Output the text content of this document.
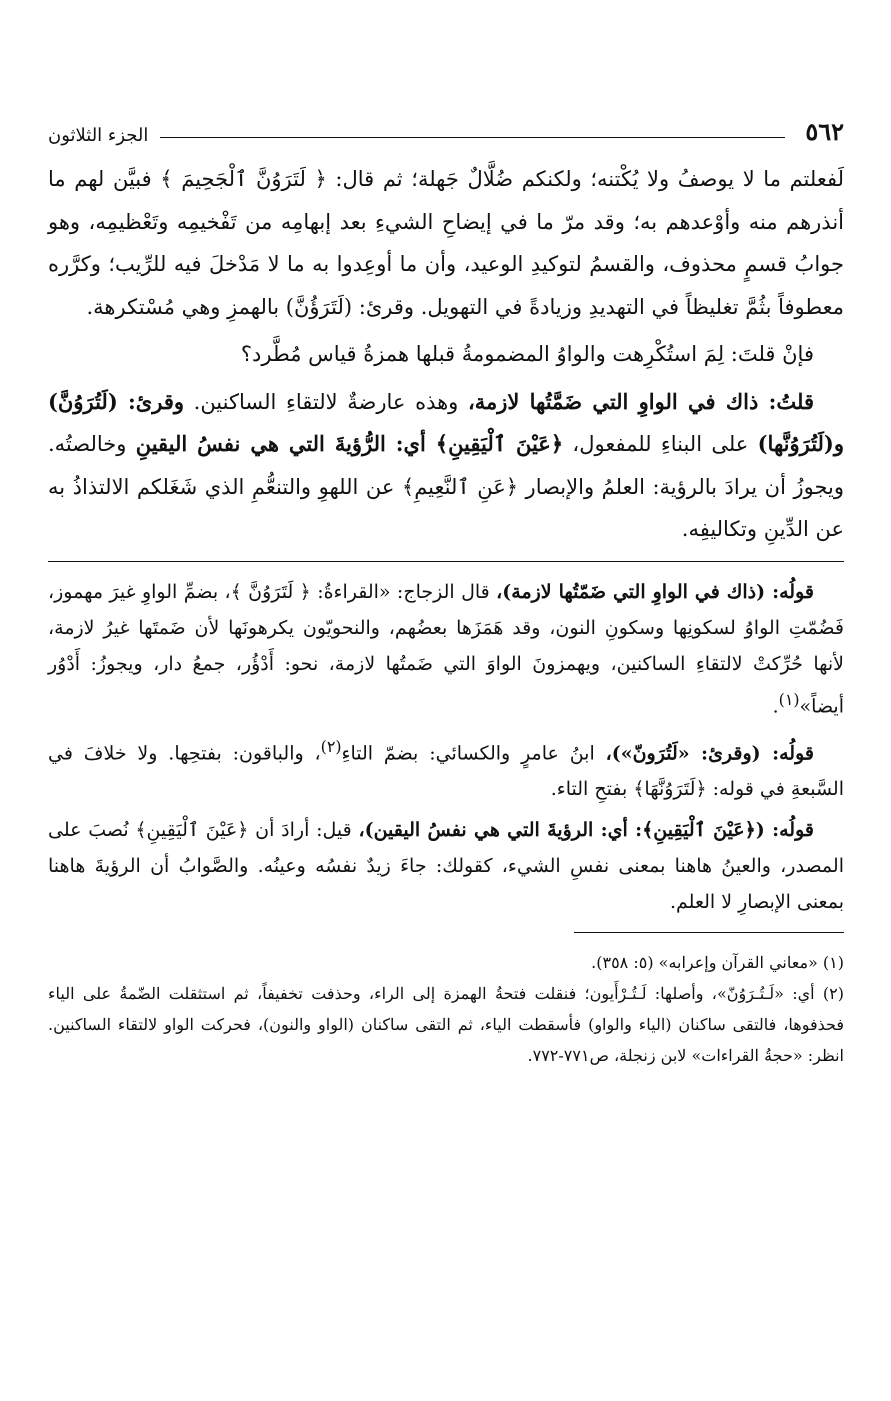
٥٦٢
الجزء الثلاثون

لَفعلتم ما لا يوصفُ ولا يُكْتنه؛ ولكنكم ضُلَّالٌ جَهلة؛ ثم قال: ﴿ لَتَرَوُنَّ ٱلْجَحِيمَ ﴾ فبيَّن لهم ما أنذرهم منه وأوْعدهم به؛ وقد مرّ ما في إيضاحِ الشيءِ بعد إبهامِه من تَفْخيمِه وتَعْظيمِه، وهو جوابُ قسمٍ محذوف، والقسمُ لتوكيدِ الوعيد، وأن ما أوعِدوا به ما لا مَدْخلَ فيه للرِّيب؛ وكرَّره معطوفاً بثُمَّ تغليظاً في التهديدِ وزيادةً في التهويل. وقرئ: (لَتَرَؤُنَّ) بالهمزِ وهي مُسْتكرهة.

فإنْ قلتَ: لِمَ استُكْرِهت والواوُ المضمومةُ قبلها همزةُ قياس مُطَّرد؟

قلتُ: ذاك في الواوِ التي ضَمَّتُها لازمة، وهذه عارضةٌ لالتقاءِ الساكنين. وقرئ: (لَتُرَوُنَّ) و(لَتُرَوُنَّها) على البناءِ للمفعول، ﴿عَيْنَ ٱلْيَقِينِ﴾ أي: الرُّؤيةَ التي هي نفسُ اليقينِ وخالصتُه. ويجوزُ أن يرادَ بالرؤية: العلمُ والإبصار ﴿عَنِ ٱلنَّعِيمِ﴾ عن اللهوِ والتنعُّمِ الذي شَغَلكم الالتذاذُ به عن الدِّينِ وتكاليفِه.

قولُه: (ذاك في الواوِ التي ضَمّتُها لازمة)، قال الزجاج: «القراءةُ: ﴿ لَتَرَوُنَّ ﴾، بضمِّ الواوِ غيرَ مهموز، فَضُمّتِ الواوُ لسكونِها وسكونِ النون، وقد هَمَزَها بعضُهم، والنحويّون يكرهونَها لأن ضَمتَها غيرُ لازمة، لأنها حُرِّكتْ لالتقاءِ الساكنين، ويهمزونَ الواوَ التي ضَمتُها لازمة، نحو: أَدْؤُر، جمعُ دار، ويجوزُ: أَدْوُر أيضاً»$^{(١)}$.

قولُه: (وقرئ: «لَتُرَونّ»)، ابنُ عامرٍ والكسائي: بضمّ التاءِ$^{(٢)}$، والباقون: بفتحِها. ولا خلافَ في السَّبعةِ في قوله: ﴿لَتَرَوُنَّهَا﴾ بفتحِ التاء.

قولُه: (﴿عَيْنَ ٱلْيَقِينِ﴾: أي: الرؤيةَ التي هي نفسُ اليقين)، قيل: أرادَ أن ﴿عَيْنَ ٱلْيَقِينِ﴾ نُصبَ على المصدر، والعينُ هاهنا بمعنى نفسِ الشيء، كقولك: جاءَ زيدٌ نفسُه وعينُه. والصَّوابُ أن الرؤيةَ هاهنا بمعنى الإبصارِ لا العلم.

(١) «معاني القرآن وإعرابه» (٥: ٣٥٨).

(٢) أي: «لَـتُـرَوُنّ»، وأصلها: لَـتُـرْأَيون؛ فنقلت فتحةُ الهمزة إلى الراء، وحذفت تخفيفاً، ثم استثقلت الضّمةُ على الياء فحذفوها، فالتقى ساكنان (الياء والواو) فأسقطت الياء، ثم التقى ساكنان (الواو والنون)، فحركت الواو لالتقاء الساكنين. انظر: «حجةُ القراءات» لابن زنجلة، ص٧٧١-٧٧٢.
